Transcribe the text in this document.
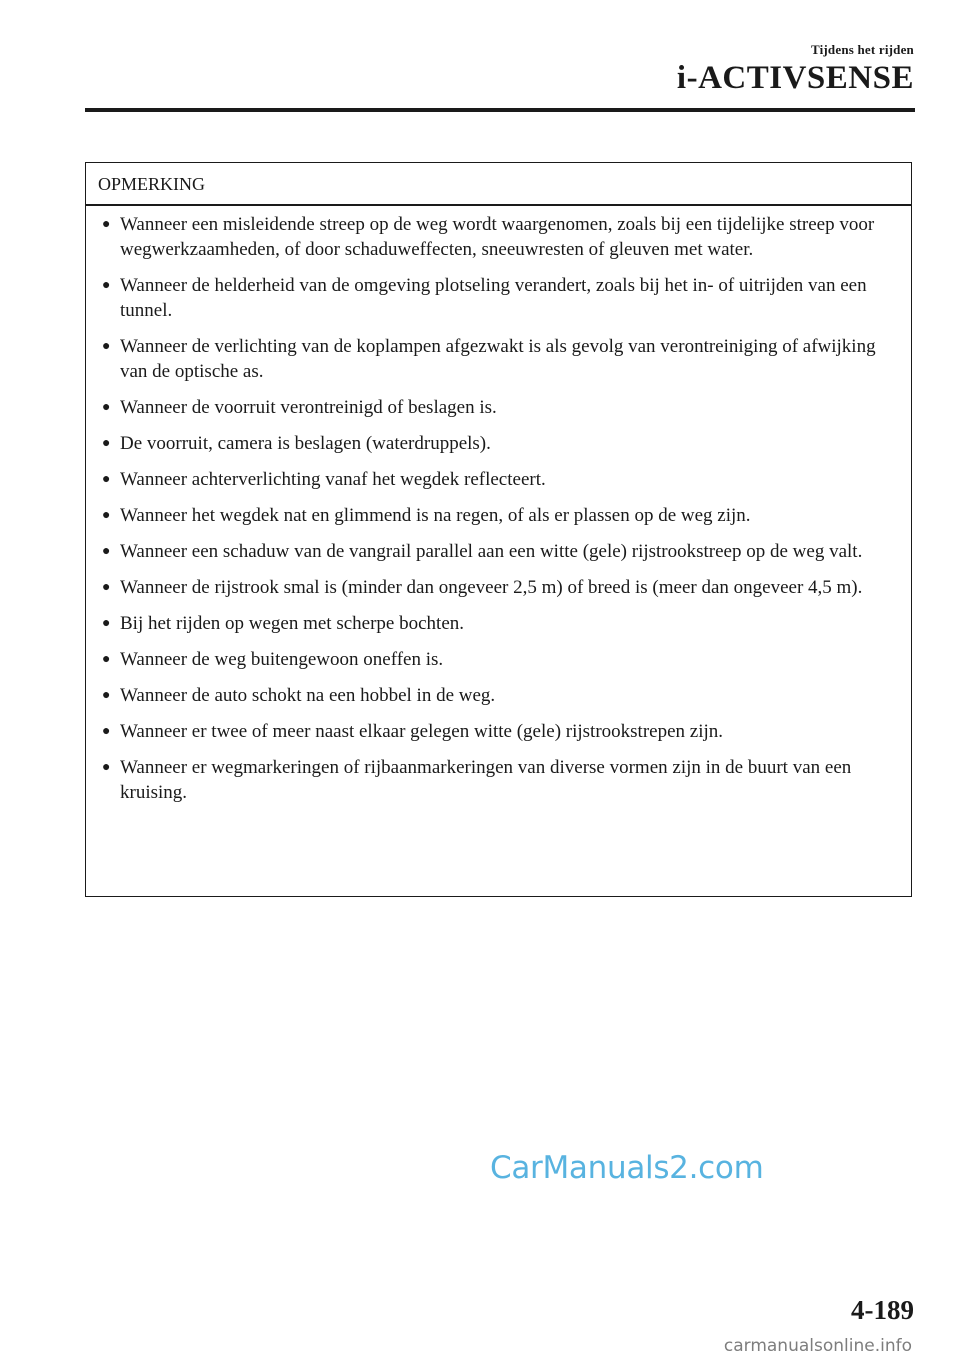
Tijdens het rijden
i-ACTIVSENSE
OPMERKING
● Wanneer een misleidende streep op de weg wordt waargenomen, zoals bij een tijdelijke streep voor wegwerkzaamheden, of door schaduweffecten, sneeuwresten of gleuven met water.
● Wanneer de helderheid van de omgeving plotseling verandert, zoals bij het in- of uitrijden van een tunnel.
● Wanneer de verlichting van de koplampen afgezwakt is als gevolg van verontreiniging of afwijking van de optische as.
● Wanneer de voorruit verontreinigd of beslagen is.
● De voorruit, camera is beslagen (waterdruppels).
● Wanneer achterverlichting vanaf het wegdek reflecteert.
● Wanneer het wegdek nat en glimmend is na regen, of als er plassen op de weg zijn.
● Wanneer een schaduw van de vangrail parallel aan een witte (gele) rijstrookstreep op de weg valt.
● Wanneer de rijstrook smal is (minder dan ongeveer 2,5 m) of breed is (meer dan ongeveer 4,5 m).
● Bij het rijden op wegen met scherpe bochten.
● Wanneer de weg buitengewoon oneffen is.
● Wanneer de auto schokt na een hobbel in de weg.
● Wanneer er twee of meer naast elkaar gelegen witte (gele) rijstrookstrepen zijn.
● Wanneer er wegmarkeringen of rijbaanmarkeringen van diverse vormen zijn in de buurt van een kruising.
CarManuals2.com
4-189
carmanualsonline.info
